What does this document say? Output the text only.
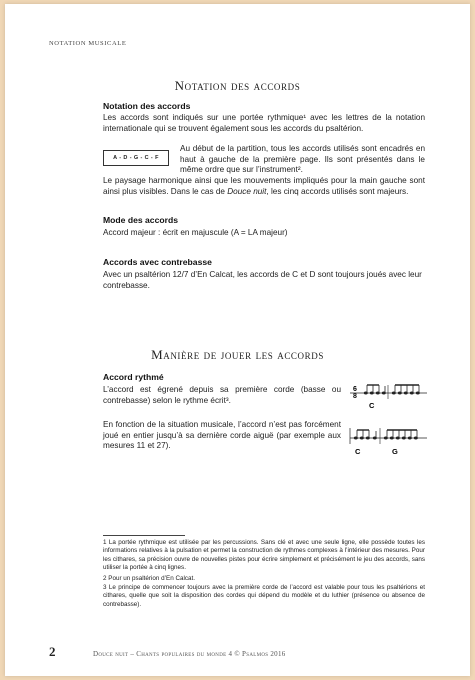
NOTATION MUSICALE
Notation des accords
Notation des accords
Les accords sont indiqués sur une portée rythmique¹ avec les lettres de la notation internationale qui se trouvent également sous les accords du psaltérion.
A - D - G - C - F
Au début de la partition, tous les accords utilisés sont encadrés en haut à gauche de la première page. Ils sont présentés dans le même ordre que sur l’instrument².
Le paysage harmonique ainsi que les mouvements impliqués pour la main gauche sont ainsi plus visibles. Dans le cas de Douce nuit, les cinq accords utilisés sont majeurs.
Mode des accords
Accord majeur : écrit en majuscule (A = LA majeur)
Accords avec contrebasse
Avec un psaltérion 12/7 d’En Calcat, les accords de C et D sont toujours joués avec leur contrebasse.
Manière de jouer les accords
Accord rythmé
L’accord est égrené depuis sa première corde (basse ou contrebasse) selon le rythme écrit³.
En fonction de la situation musicale, l’accord n’est pas forcément joué en entier jusqu’à sa dernière corde aiguë (par exemple aux mesures 11 et 27).
6
8
C
C	G
1 La portée rythmique est utilisée par les percussions. Sans clé et avec une seule ligne, elle possède toutes les informations relatives à la pulsation et permet la construction de rythmes complexes à l’intérieur des mesures. Pour les cithares, sa précision ouvre de nouvelles pistes pour écrire simplement et précisément le jeu des accords, sans utiliser la portée à cinq lignes.
2 Pour un psaltérion d’En Calcat.
3 Le principe de commencer toujours avec la première corde de l’accord est valable pour tous les psaltérions et cithares, quelle que soit la disposition des cordes qui dépend du modèle et du luthier (présence ou absence de contrebasse).
2	Douce nuit – Chants populaires du monde 4 © Psalmos 2016
